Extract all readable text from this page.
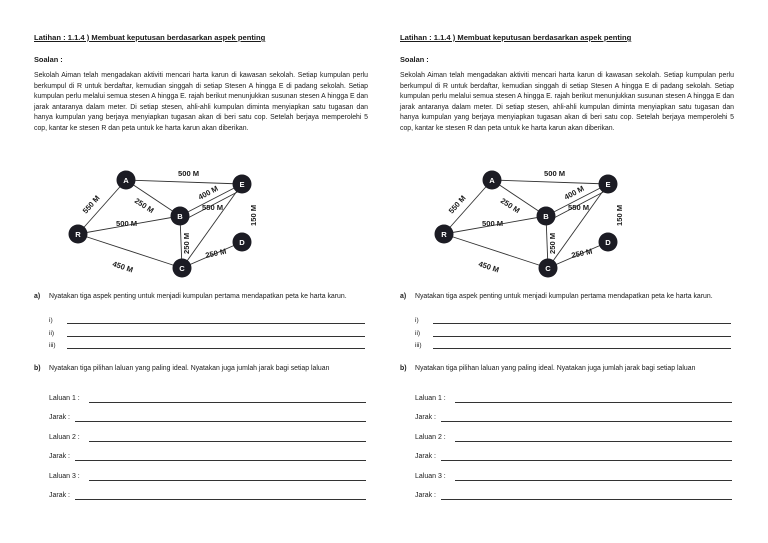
Latihan : 1.1.4 ) Membuat keputusan berdasarkan aspek penting
Soalan :

Sekolah Aiman telah mengadakan aktiviti mencari harta karun di kawasan sekolah. Setiap kumpulan perlu berkumpul di R untuk berdaftar, kemudian singgah di setiap Stesen A hingga E di padang sekolah. Setiap kumpulan perlu melalui semua stesen A hingga E. rajah berikut menunjukkan susunan stesen A hingga E dan jarak antaranya dalam meter. Di setiap stesen, ahli-ahli kumpulan diminta menyiapkan satu tugasan dan hanya kumpulan yang berjaya menyiapkan tugasan akan di beri satu cop. Setelah berjaya memperolehi 5 cop, kantar ke stesen R dan peta untuk ke harta karun akan diberikan.

500 M
550 M	250 M
400 M
550 M	150 M
500 M
250 M 250 M
450 M
A
B
C
D
E
R
a) Nyatakan tiga aspek penting untuk menjadi kumpulan pertama mendapatkan peta ke harta karun.

i)
ii)
iii)
b) Nyatakan tiga pilihan laluan yang paling ideal. Nyatakan juga jumlah jarak bagi setiap laluan

Laluan 1 :
Jarak :
Laluan 2 :
Jarak :
Laluan 3 :
Jarak :
Latihan : 1.1.4 ) Membuat keputusan berdasarkan aspek penting
Soalan :

Sekolah Aiman telah mengadakan aktiviti mencari harta karun di kawasan sekolah. Setiap kumpulan perlu berkumpul di R untuk berdaftar, kemudian singgah di setiap Stesen A hingga E di padang sekolah. Setiap kumpulan perlu melalui semua stesen A hingga E. rajah berikut menunjukkan susunan stesen A hingga E dan jarak antaranya dalam meter. Di setiap stesen, ahli-ahli kumpulan diminta menyiapkan satu tugasan dan hanya kumpulan yang berjaya menyiapkan tugasan akan di beri satu cop. Setelah berjaya memperolehi 5 cop, kantar ke stesen R dan peta untuk ke harta karun akan diberikan.

500 M
550 M	250 M
400 M
550 M	150 M
500 M
250 M 250 M
450 M
A
B
C
D
E
R
a) Nyatakan tiga aspek penting untuk menjadi kumpulan pertama mendapatkan peta ke harta karun.

i)
ii)
iii)
b) Nyatakan tiga pilihan laluan yang paling ideal. Nyatakan juga jumlah jarak bagi setiap laluan

Laluan 1 :
Jarak :
Laluan 2 :
Jarak :
Laluan 3 :
Jarak :
